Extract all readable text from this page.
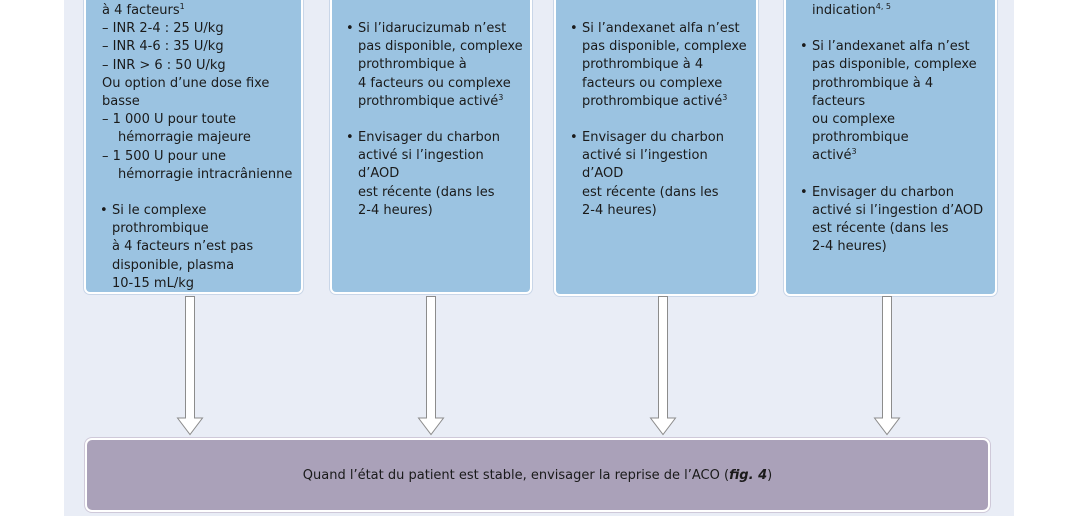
à 4 facteurs$^1$
– INR 2-4 : 25 U/kg
– INR 4-6 : 35 U/kg
– INR > 6 : 50 U/kg
Ou option d’une dose fixe
basse
– 1 000 U pour toute
hémorragie majeure
– 1 500 U pour une
hémorragie intracrânienne
• Si le complexe prothrombique
à 4 facteurs n’est pas
disponible, plasma
10-15 mL/kg
• Si l’idarucizumab n’est
pas disponible, complexe
prothrombique à
4 facteurs ou complexe
prothrombique activé$^3$
• Envisager du charbon
activé si l’ingestion d’AOD
est récente (dans les
2-4 heures)
• Si l’andexanet alfa n’est
pas disponible, complexe
prothrombique à 4
facteurs ou complexe
prothrombique activé$^3$
• Envisager du charbon
activé si l’ingestion d’AOD
est récente (dans les
2-4 heures)
indication$^{4, 5}$
• Si l’andexanet alfa n’est
pas disponible, complexe
prothrombique à 4 facteurs
ou complexe prothrombique
activé$^3$
• Envisager du charbon
activé si l’ingestion d’AOD
est récente (dans les
2-4 heures)
Quand l’état du patient est stable, envisager la reprise de l’ACO (fig. 4)
